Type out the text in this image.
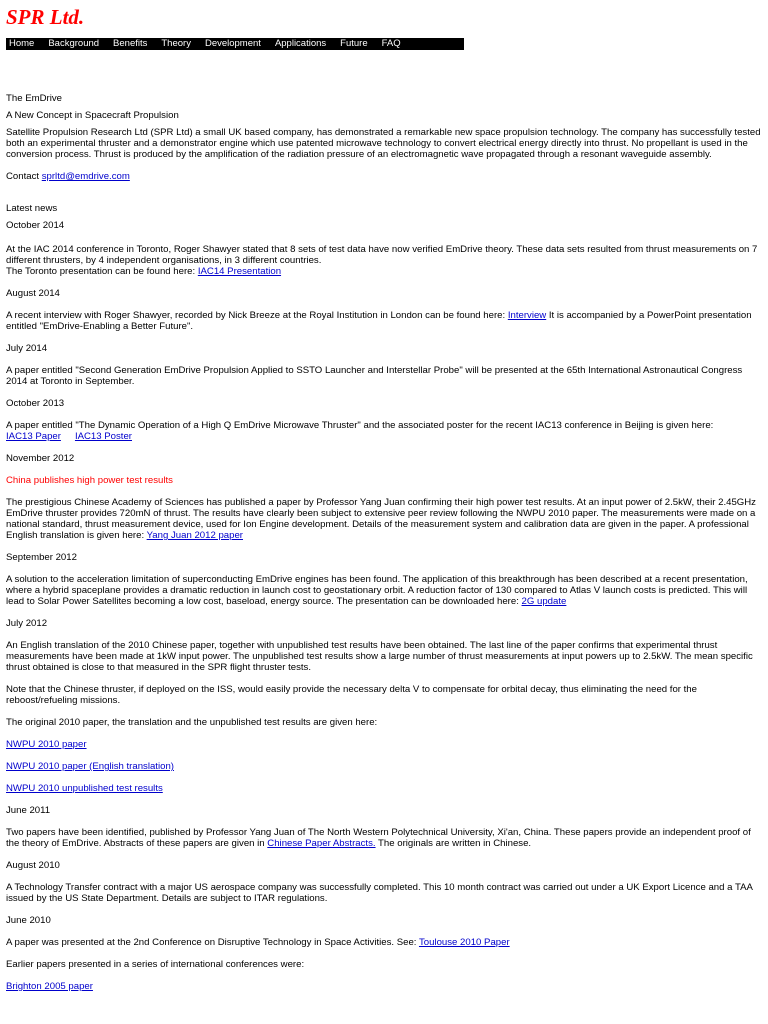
SPR Ltd.
Home	Background	Benefits	Theory	Development	Applications	Future	FAQ

The EmDrive

A New Concept in Spacecraft Propulsion

Satellite Propulsion Research Ltd (SPR Ltd) a small UK based company, has demonstrated a remarkable new space propulsion technology. The company has successfully tested both an experimental thruster and a demonstrator engine which use patented microwave technology to convert electrical energy directly into thrust. No propellant is used in the conversion process. Thrust is produced by the amplification of the radiation pressure of an electromagnetic wave propagated through a resonant waveguide assembly.

Contact sprltd@emdrive.com

Latest news

October 2014

At the IAC 2014 conference in Toronto, Roger Shawyer stated that 8 sets of test data have now verified EmDrive theory. These data sets resulted from thrust measurements on 7 different thrusters, by 4 independent organisations, in 3 different countries.
The Toronto presentation can be found here: IAC14 Presentation

August 2014

A recent interview with Roger Shawyer, recorded by Nick Breeze at the Royal Institution in London can be found here: Interview It is accompanied by a PowerPoint presentation entitled "EmDrive-Enabling a Better Future".

July 2014

A paper entitled "Second Generation EmDrive Propulsion Applied to SSTO Launcher and Interstellar Probe" will be presented at the 65th International Astronautical Congress 2014 at Toronto in September.

October 2013

A paper entitled "The Dynamic Operation of a High Q EmDrive Microwave Thruster" and the associated poster for the recent IAC13 conference in Beijing is given here:
IAC13 Paper IAC13 Poster

November 2012

China publishes high power test results

The prestigious Chinese Academy of Sciences has published a paper by Professor Yang Juan confirming their high power test results. At an input power of 2.5kW, their 2.45GHz EmDrive thruster provides 720mN of thrust. The results have clearly been subject to extensive peer review following the NWPU 2010 paper. The measurements were made on a national standard, thrust measurement device, used for Ion Engine development. Details of the measurement system and calibration data are given in the paper. A professional English translation is given here: Yang Juan 2012 paper

September 2012

A solution to the acceleration limitation of superconducting EmDrive engines has been found. The application of this breakthrough has been described at a recent presentation, where a hybrid spaceplane provides a dramatic reduction in launch cost to geostationary orbit. A reduction factor of 130 compared to Atlas V launch costs is predicted. This will lead to Solar Power Satellites becoming a low cost, baseload, energy source. The presentation can be downloaded here: 2G update

July 2012

An English translation of the 2010 Chinese paper, together with unpublished test results have been obtained. The last line of the paper confirms that experimental thrust measurements have been made at 1kW input power. The unpublished test results show a large number of thrust measurements at input powers up to 2.5kW. The mean specific thrust obtained is close to that measured in the SPR flight thruster tests.

Note that the Chinese thruster, if deployed on the ISS, would easily provide the necessary delta V to compensate for orbital decay, thus eliminating the need for the reboost/refueling missions.

The original 2010 paper, the translation and the unpublished test results are given here:

NWPU 2010 paper

NWPU 2010 paper (English translation)

NWPU 2010 unpublished test results

June 2011

Two papers have been identified, published by Professor Yang Juan of The North Western Polytechnical University, Xi'an, China. These papers provide an independent proof of the theory of EmDrive. Abstracts of these papers are given in Chinese Paper Abstracts. The originals are written in Chinese.

August 2010

A Technology Transfer contract with a major US aerospace company was successfully completed. This 10 month contract was carried out under a UK Export Licence and a TAA issued by the US State Department. Details are subject to ITAR regulations.

June 2010

A paper was presented at the 2nd Conference on Disruptive Technology in Space Activities. See: Toulouse 2010 Paper

Earlier papers presented in a series of international conferences were:

Brighton 2005 paper
